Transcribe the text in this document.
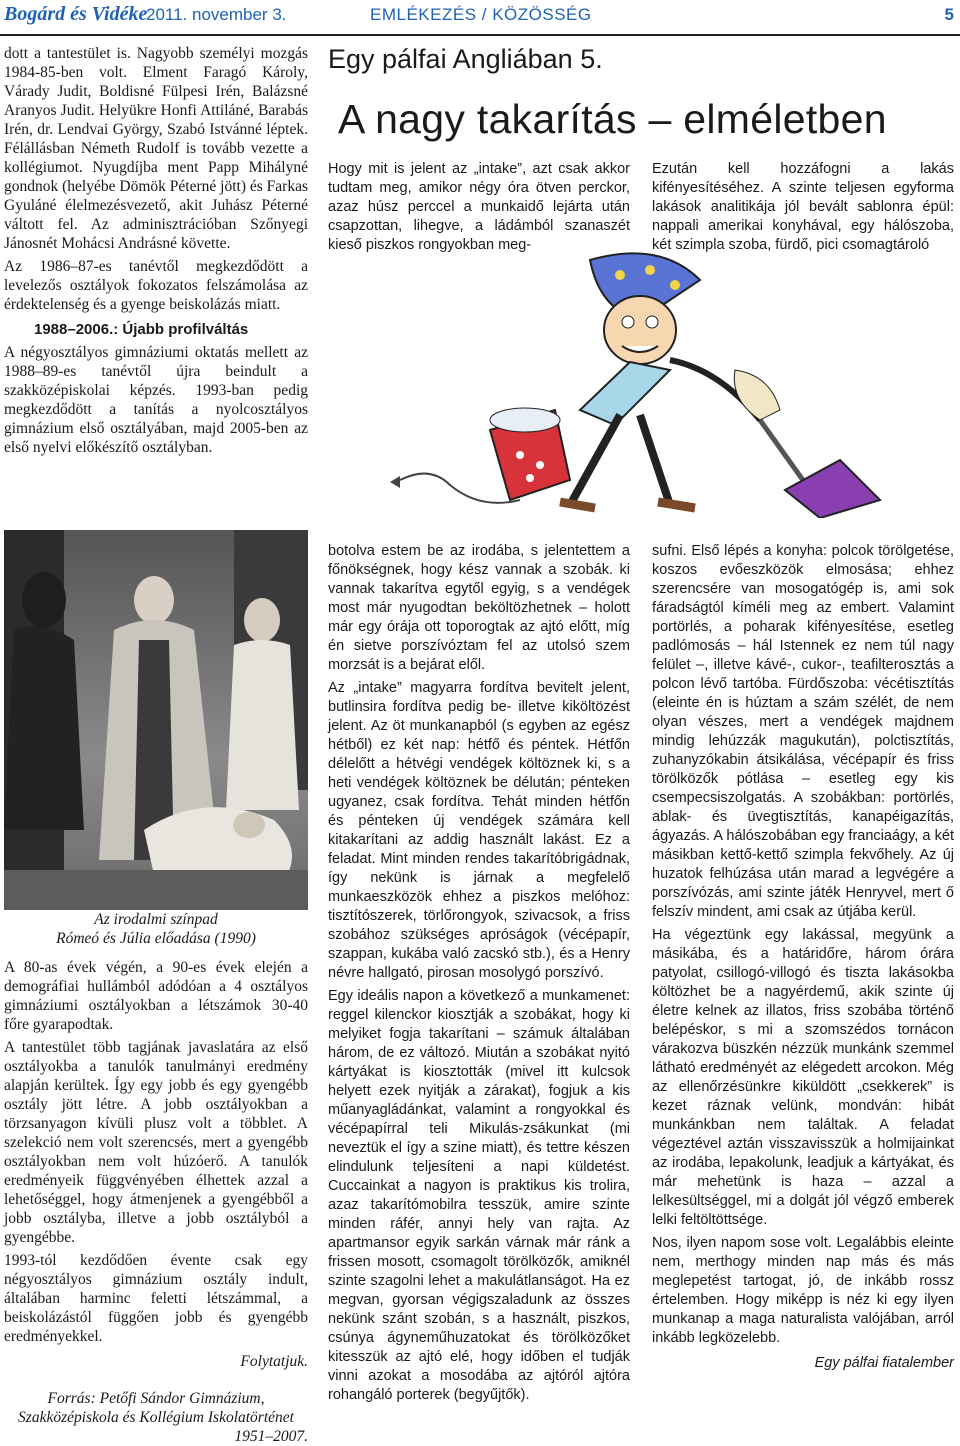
Bogárd és Vidéke
2011. november 3.	EMLÉKEZÉS / KÖZÖSSÉG	5

dott a tantestület is. Nagyobb személyi mozgás 1984-85-ben volt. Elment Faragó Károly, Várady Judit, Boldisné Fülpesi Irén, Balázsné Aranyos Judit. Helyükre Honfi Attiláné, Barabás Irén, dr. Lendvai György, Szabó Istvánné léptek. Félállásban Németh Rudolf is tovább vezette a kollégiumot. Nyugdíjba ment Papp Mihályné gondnok (helyébe Dömök Péterné jött) és Farkas Gyuláné élelmezésvezető, akit Juhász Péterné váltott fel. Az adminisztrációban Szőnyegi Jánosnét Mohácsi Andrásné követte.

Az 1986–87-es tanévtől megkezdődött a levelezős osztályok fokozatos felszámolása az érdektelenség és a gyenge beiskolázás miatt.

1988–2006.: Újabb profilváltás

A négyosztályos gimnáziumi oktatás mellett az 1988–89-es tanévtől újra beindult a szakközépiskolai képzés. 1993-ban pedig megkezdődött a tanítás a nyolcosztályos gimnázium első osztályában, majd 2005-ben az első nyelvi előkészítő osztályban.

Az irodalmi színpad
Rómeó és Júlia előadása (1990)

A 80-as évek végén, a 90-es évek elején a demográfiai hullámból adódóan a 4 osztályos gimnáziumi osztályokban a létszámok 30-40 főre gyarapodtak.

A tantestület több tagjának javaslatára az első osztályokba a tanulók tanulmányi eredmény alapján kerültek. Így egy jobb és egy gyengébb osztály jött létre. A jobb osztályokban a törzsanyagon kívüli plusz volt a többlet. A szelekció nem volt szerencsés, mert a gyengébb osztályokban nem volt húzóerő. A tanulók eredményeik függvényében élhettek azzal a lehetőséggel, hogy átmenjenek a gyengébből a jobb osztályba, illetve a jobb osztályból a gyengébbe.

1993-tól kezdődően évente csak egy négyosztályos gimnázium osztály indult, általában harminc feletti létszámmal, a beiskolázástól függően jobb és gyengébb eredményekkel.

Folytatjuk.
Forrás: Petőfi Sándor Gimnázium, Szakközépiskola és Kollégium Iskolatörténet
1951–2007.
Egy pálfai Angliában 5.
A nagy takarítás – elméletben

Hogy mit is jelent az „intake”, azt csak akkor tudtam meg, amikor négy óra ötven perckor, azaz húsz perccel a munkaidő lejárta után csapzottan, lihegve, a ládámból szanaszét kieső piszkos rongyokban meg-

Ezután kell hozzáfogni a lakás kifényesítéséhez. A szinte teljesen egyforma lakások analitikája jól bevált sablonra épül: nappali amerikai konyhával, egy hálószoba, két szimpla szoba, fürdő, pici csomagtároló

botolva estem be az irodába, s jelentettem a főnökségnek, hogy kész vannak a szobák. ki vannak takarítva egytől egyig, s a vendégek most már nyugodtan beköltözhetnek – holott már egy órája ott toporogtak az ajtó előtt, míg én sietve porszívóztam fel az utolsó szem morzsát is a bejárat elől.

Az „intake” magyarra fordítva bevitelt jelent, butlinsira fordítva pedig be- illetve kiköltözést jelent. Az öt munkanapból (s egyben az egész hétből) ez két nap: hétfő és péntek. Hétfőn délelőtt a hétvégi vendégek költöznek ki, s a heti vendégek költöznek be délután; pénteken ugyanez, csak fordítva. Tehát minden hétfőn és pénteken új vendégek számára kell kitakarítani az addig használt lakást. Ez a feladat. Mint minden rendes takarítóbrigádnak, így nekünk is járnak a megfelelő munkaeszközök ehhez a piszkos melóhoz: tisztítószerek, törlőrongyok, szivacsok, a friss szobához szükséges apróságok (vécépapír, szappan, kukába való zacskó stb.), és a Henry névre hallgató, pirosan mosolygó porszívó.

Egy ideális napon a következő a munkamenet: reggel kilenckor kiosztják a szobákat, hogy ki melyiket fogja takarítani – számuk általában három, de ez változó. Miután a szobákat nyitó kártyákat is kiosztották (mivel itt kulcsok helyett ezek nyitják a zárakat), fogjuk a kis műanyagládánkat, valamint a rongyokkal és vécépapírral teli Mikulás-zsákunkat (mi neveztük el így a szine miatt), és tettre készen elindulunk teljesíteni a napi küldetést. Cuccainkat a nagyon is praktikus kis trolira, azaz takarítómobilra tesszük, amire szinte minden ráfér, annyi hely van rajta. Az apartmansor egyik sarkán várnak már ránk a frissen mosott, csomagolt törölközők, amiknél szinte szagolni lehet a makulátlanságot. Ha ez megvan, gyorsan végigszaladunk az összes nekünk szánt szobán, s a használt, piszkos, csúnya ágyneműhuzatokat és törölközőket kitesszük az ajtó elé, hogy időben el tudják vinni azokat a mosodába az ajtóról ajtóra rohangáló porterek (begyűjtők).

sufni. Első lépés a konyha: polcok törölgetése, koszos evőeszközök elmosása; ehhez szerencsére van mosogatógép is, ami sok fáradságtól kíméli meg az embert. Valamint portörlés, a poharak kifényesítése, esetleg padlómosás – hál Istennek ez nem túl nagy felület –, illetve kávé-, cukor-, teafilterosztás a polcon lévő tartóba. Fürdőszoba: vécétisztítás (eleinte én is húztam a szám szélét, de nem olyan vészes, mert a vendégek majdnem mindig lehúzzák magukután), polctisztítás, zuhanyzókabin átsikálása, vécépapír és friss törölközők pótlása – esetleg egy kis csempecsiszolgatás. A szobákban: portörlés, ablak- és üvegtisztítás, kanapéigazítás, ágyazás. A hálószobában egy franciaágy, a két másikban kettő-kettő szimpla fekvőhely. Az új huzatok felhúzása után marad a legvégére a porszívózás, ami szinte játék Henryvel, mert ő felszív mindent, ami csak az útjába kerül.

Ha végeztünk egy lakással, megyünk a másikába, és a határidőre, három órára patyolat, csillogó-villogó és tiszta lakásokba költözhet be a nagyérdemű, akik szinte új életre kelnek az illatos, friss szobába történő belépéskor, s mi a szomszédos tornácon várakozva büszkén nézzük munkánk szemmel látható eredményét az elégedett arcokon. Még az ellenőrzésünkre kiküldött „csekkerek” is kezet ráznak velünk, mondván: hibát munkánkban nem találtak. A feladat végeztével aztán visszavisszük a holmijainkat az irodába, lepakolunk, leadjuk a kártyákat, és már mehetünk is haza – azzal a lelkesültséggel, mi a dolgát jól végző emberek lelki feltöltöttsége.

Nos, ilyen napom sose volt. Legalábbis eleinte nem, merthogy minden nap más és más meglepetést tartogat, jó, de inkább rossz értelemben. Hogy miképp is néz ki egy ilyen munkanap a maga naturalista valójában, arról inkább legközelebb.

Egy pálfai fiatalember
